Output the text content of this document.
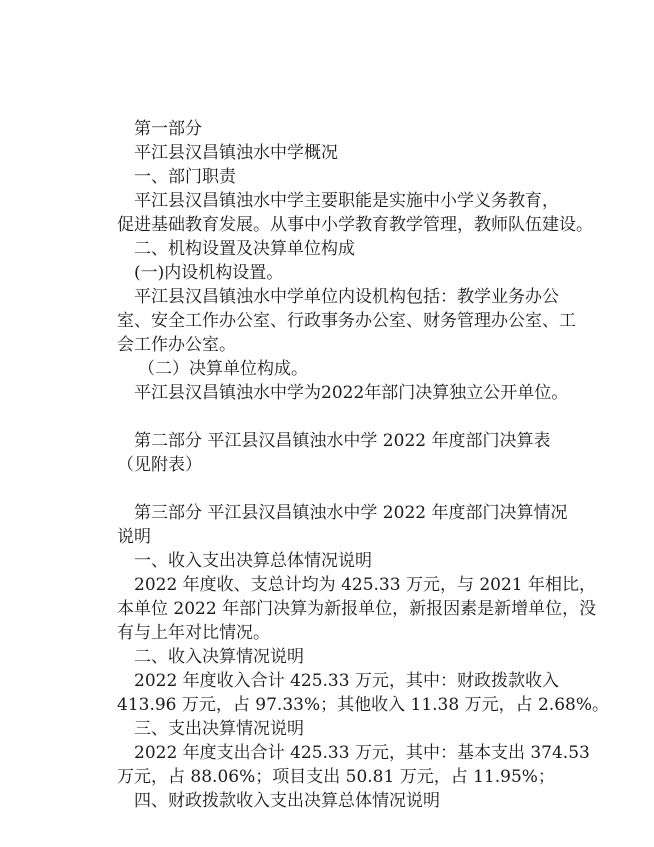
第一部分
平江县汉昌镇浊水中学概况
一、部门职责
平江县汉昌镇浊水中学主要职能是实施中小学义务教育，
促进基础教育发展。从事中小学教育教学管理，教师队伍建设。
二、机构设置及决算单位构成
(一)内设机构设置。
平江县汉昌镇浊水中学单位内设机构包括：教学业务办公
室、安全工作办公室、行政事务办公室、财务管理办公室、工
会工作办公室。
（二）决算单位构成。
平江县汉昌镇浊水中学为2022年部门决算独立公开单位。
第二部分 平江县汉昌镇浊水中学 2022 年度部门决算表
（见附表）
第三部分 平江县汉昌镇浊水中学 2022 年度部门决算情况
说明
一、收入支出决算总体情况说明
2022 年度收、支总计均为 425.33 万元，与 2021 年相比，
本单位 2022 年部门决算为新报单位，新报因素是新增单位，没
有与上年对比情况。
二、收入决算情况说明
2022 年度收入合计 425.33 万元，其中：财政拨款收入
413.96 万元，占 97.33%；其他收入 11.38 万元，占 2.68%。
三、支出决算情况说明
2022 年度支出合计 425.33 万元，其中：基本支出 374.53
万元，占 88.06%；项目支出 50.81 万元，占 11.95%；
四、财政拨款收入支出决算总体情况说明
